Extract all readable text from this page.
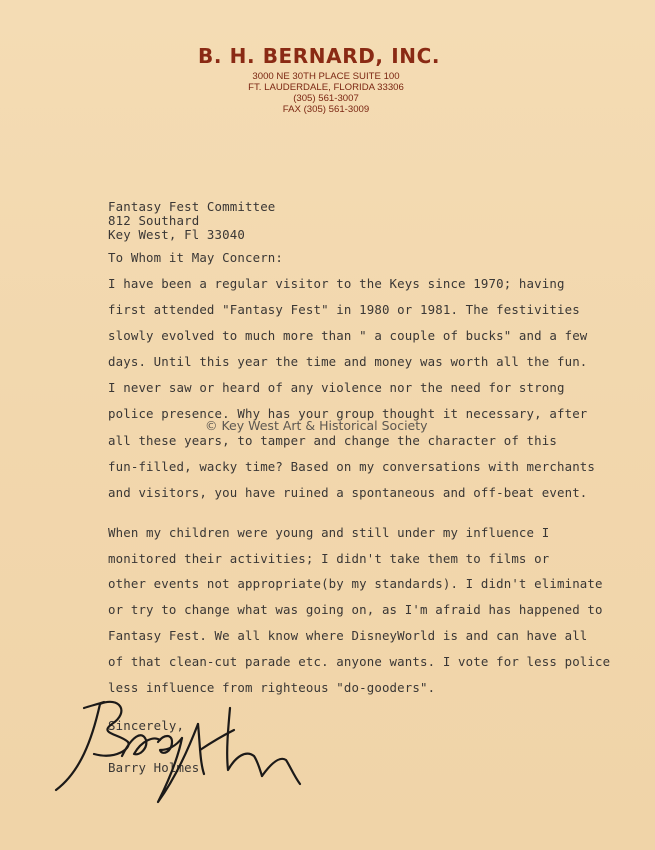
B. H. BERNARD, INC.
3000 NE 30TH PLACE SUITE 100
FT. LAUDERDALE, FLORIDA 33306
(305) 561-3007
FAX (305) 561-3009
Fantasy Fest Committee
812 Southard
Key West, Fl 33040
To Whom it May Concern:
I have been a regular visitor to the Keys since 1970; having
first attended "Fantasy Fest" in 1980 or 1981. The festivities
slowly evolved to much more than " a couple of bucks" and a few
days. Until this year the time and money was worth all the fun.
I never saw or heard of any violence nor the need for strong
police presence. Why has your group thought it necessary, after
all these years, to tamper and change the character of this
fun-filled, wacky time? Based on my conversations with merchants
and visitors, you have ruined a spontaneous and off-beat event.
When my children were young and still under my influence I
monitored their activities; I didn't take them to films or
other events not appropriate(by my standards). I didn't eliminate
or try to change what was going on, as I'm afraid has happened to
Fantasy Fest. We all know where DisneyWorld is and can have all
of that clean-cut parade etc. anyone wants. I vote for less police
less influence from righteous "do-gooders".
Sincerely,
Barry Holmes
© Key West Art & Historical Society
